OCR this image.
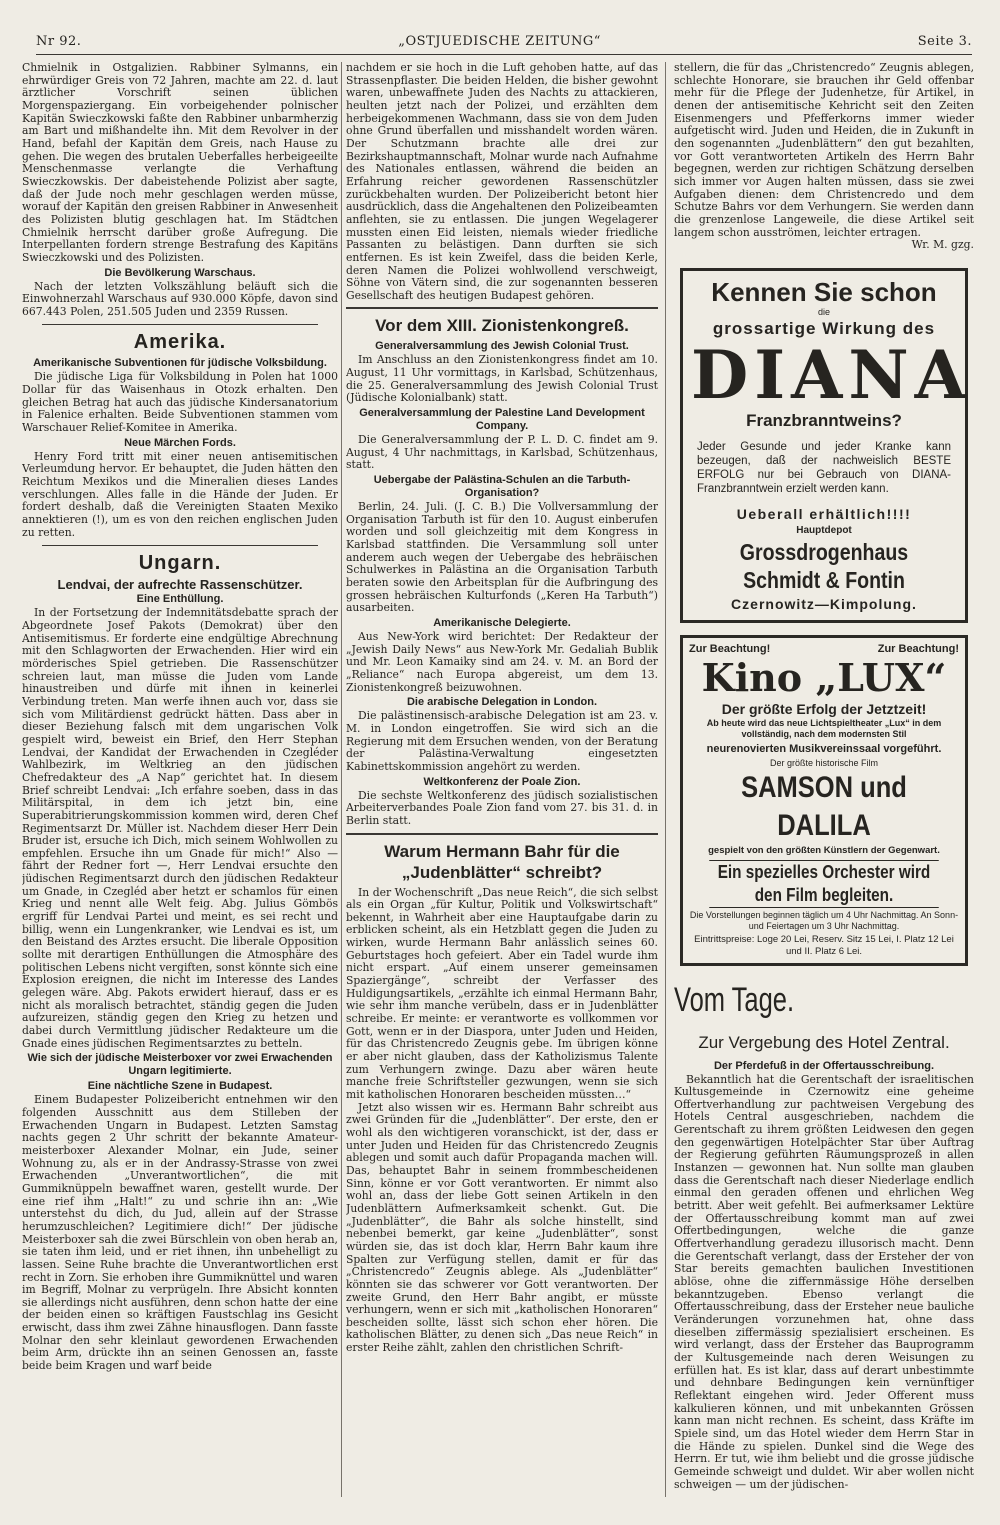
Nr 92.	„OSTJUEDISCHE ZEITUNG“	Seite 3.

Chmielnik in Ostgalizien. Rabbiner Sylmanns, ein ehrwürdiger Greis von 72 Jahren, machte am 22. d. laut ärztlicher Vorschrift seinen üblichen Morgenspaziergang. Ein vorbeigehender polnischer Kapitän Swieczkowski faßte den Rabbiner unbarmherzig am Bart und mißhandelte ihn. Mit dem Revolver in der Hand, befahl der Kapitän dem Greis, nach Hause zu gehen. Die wegen des brutalen Ueberfalles herbeigeeilte Menschenmasse verlangte die Verhaftung Swieczkowskis. Der dabeistehende Polizist aber sagte, daß der Jude noch mehr geschlagen werden müsse, worauf der Kapitän den greisen Rabbiner in Anwesenheit des Polizisten blutig geschlagen hat. Im Städtchen Chmielnik herrscht darüber große Aufregung. Die Interpellanten fordern strenge Bestrafung des Kapitäns Swieczkowski und des Polizisten.

Die Bevölkerung Warschaus.

Nach der letzten Volkszählung beläuft sich die Einwohnerzahl Warschaus auf 930.000 Köpfe, davon sind 667.443 Polen, 251.505 Juden und 2359 Russen.

Amerika.
Amerikanische Subventionen für jüdische Volksbildung.

Die jüdische Liga für Volksbildung in Polen hat 1000 Dollar für das Waisenhaus in Otozk erhalten. Den gleichen Betrag hat auch das jüdische Kindersanatorium in Falenice erhalten. Beide Subventionen stammen vom Warschauer Relief-Komitee in Amerika.

Neue Märchen Fords.

Henry Ford tritt mit einer neuen antisemitischen Verleumdung hervor. Er behauptet, die Juden hätten den Reichtum Mexikos und die Mineralien dieses Landes verschlungen. Alles falle in die Hände der Juden. Er fordert deshalb, daß die Vereinigten Staaten Mexiko annektieren (!), um es von den reichen englischen Juden zu retten.

Ungarn.
Lendvai, der aufrechte Rassenschützer.
Eine Enthüllung.

In der Fortsetzung der Indemnitätsdebatte sprach der Abgeordnete Josef Pakots (Demokrat) über den Antisemitismus. Er forderte eine endgültige Abrechnung mit den Schlagworten der Erwachenden. Hier wird ein mörderisches Spiel getrieben. Die Rassenschützer schreien laut, man müsse die Juden vom Lande hinaustreiben und dürfe mit ihnen in keinerlei Verbindung treten. Man werfe ihnen auch vor, dass sie sich vom Militärdienst gedrückt hätten. Dass aber in dieser Beziehung falsch mit dem ungarischen Volk gespielt wird, beweist ein Brief, den Herr Stephan Lendvai, der Kandidat der Erwachenden in Czegléder Wahlbezirk, im Weltkrieg an den jüdischen Chefredakteur des „A Nap“ gerichtet hat. In diesem Brief schreibt Lendvai: „Ich erfahre soeben, dass in das Militärspital, in dem ich jetzt bin, eine Superabitrierungskommission kommen wird, deren Chef Regimentsarzt Dr. Müller ist. Nachdem dieser Herr Dein Bruder ist, ersuche ich Dich, mich seinem Wohlwollen zu empfehlen. Ersuche ihn um Gnade für mich!“ Also — fährt der Redner fort —, Herr Lendvai ersuchte den jüdischen Regimentsarzt durch den jüdischen Redakteur um Gnade, in Czegléd aber hetzt er schamlos für einen Krieg und nennt alle Welt feig. Abg. Julius Gömbös ergriff für Lendvai Partei und meint, es sei recht und billig, wenn ein Lungenkranker, wie Lendvai es ist, um den Beistand des Arztes ersucht. Die liberale Opposition sollte mit derartigen Enthüllungen die Atmosphäre des politischen Lebens nicht vergiften, sonst könnte sich eine Explosion ereignen, die nicht im Interesse des Landes gelegen wäre. Abg. Pakots erwidert hierauf, dass er es nicht als moralisch betrachtet, ständig gegen die Juden aufzureizen, ständig gegen den Krieg zu hetzen und dabei durch Vermittlung jüdischer Redakteure um die Gnade eines jüdischen Regimentsarztes zu betteln.

Wie sich der jüdische Meisterboxer vor zwei Erwachenden Ungarn legitimierte.
Eine nächtliche Szene in Budapest.

Einem Budapester Polizeibericht entnehmen wir den folgenden Ausschnitt aus dem Stilleben der Erwachenden Ungarn in Budapest. Letzten Samstag nachts gegen 2 Uhr schritt der bekannte Amateur-meisterboxer Alexander Molnar, ein Jude, seiner Wohnung zu, als er in der Andrassy-Strasse von zwei Erwachenden „Unverantwortlichen“, die mit Gummiknüppeln bewaffnet waren, gestellt wurde. Der eine rief ihm „Halt!“ zu und schrie ihn an: „Wie unterstehst du dich, du Jud, allein auf der Strasse herumzuschleichen? Legitimiere dich!“ Der jüdische Meisterboxer sah die zwei Bürschlein von oben herab an, sie taten ihm leid, und er riet ihnen, ihn unbehelligt zu lassen. Seine Ruhe brachte die Unverantwortlichen erst recht in Zorn. Sie erhoben ihre Gummiknüttel und waren im Begriff, Molnar zu verprügeln. Ihre Absicht konnten sie allerdings nicht ausführen, denn schon hatte der eine der beiden einen so kräftigen Faustschlag ins Gesicht erwischt, dass ihm zwei Zähne hinausflogen. Dann fasste Molnar den sehr kleinlaut gewordenen Erwachenden beim Arm, drückte ihn an seinen Genossen an, fasste beide beim Kragen und warf beide

nachdem er sie hoch in die Luft gehoben hatte, auf das Strassenpflaster. Die beiden Helden, die bisher gewohnt waren, unbewaffnete Juden des Nachts zu attackieren, heulten jetzt nach der Polizei, und erzählten dem herbeigekommenen Wachmann, dass sie von dem Juden ohne Grund überfallen und misshandelt worden wären. Der Schutzmann brachte alle drei zur Bezirkshauptmannschaft, Molnar wurde nach Aufnahme des Nationales entlassen, während die beiden an Erfahrung reicher gewordenen Rassenschützler zurückbehalten wurden. Der Polizeibericht betont hier ausdrücklich, dass die Angehaltenen den Polizeibeamten anflehten, sie zu entlassen. Die jungen Wegelagerer mussten einen Eid leisten, niemals wieder friedliche Passanten zu belästigen. Dann durften sie sich entfernen. Es ist kein Zweifel, dass die beiden Kerle, deren Namen die Polizei wohlwollend verschweigt, Söhne von Vätern sind, die zur sogenannten besseren Gesellschaft des heutigen Budapest gehören.

Vor dem XIII. Zionistenkongreß.
Generalversammlung des Jewish Colonial Trust.

Im Anschluss an den Zionistenkongress findet am 10. August, 11 Uhr vormittags, in Karlsbad, Schützenhaus, die 25. Generalversammlung des Jewish Colonial Trust (Jüdische Kolonialbank) statt.

Generalversammlung der Palestine Land Development Company.

Die Generalversammlung der P. L. D. C. findet am 9. August, 4 Uhr nachmittags, in Karlsbad, Schützenhaus, statt.

Uebergabe der Palästina-Schulen an die Tarbuth-Organisation?

Berlin, 24. Juli. (J. C. B.) Die Vollversammlung der Organisation Tarbuth ist für den 10. August einberufen worden und soll gleichzeitig mit dem Kongress in Karlsbad stattfinden. Die Versammlung soll unter anderem auch wegen der Uebergabe des hebräischen Schulwerkes in Palästina an die Organisation Tarbuth beraten sowie den Arbeitsplan für die Aufbringung des grossen hebräischen Kulturfonds („Keren Ha Tarbuth“) ausarbeiten.

Amerikanische Delegierte.

Aus New-York wird berichtet: Der Redakteur der „Jewish Daily News“ aus New-York Mr. Gedaliah Bublik und Mr. Leon Kamaiky sind am 24. v. M. an Bord der „Reliance“ nach Europa abgereist, um dem 13. Zionistenkongreß beizuwohnen.

Die arabische Delegation in London.

Die palästinensisch-arabische Delegation ist am 23. v. M. in London eingetroffen. Sie wird sich an die Regierung mit dem Ersuchen wenden, von der Beratung der Palästina-Verwaltung eingesetzten Kabinettskommission angehört zu werden.

Weltkonferenz der Poale Zion.

Die sechste Weltkonferenz des jüdisch sozialistischen Arbeiterverbandes Poale Zion fand vom 27. bis 31. d. in Berlin statt.

Warum Hermann Bahr für die „Judenblätter“ schreibt?

In der Wochenschrift „Das neue Reich“, die sich selbst als ein Organ „für Kultur, Politik und Volkswirtschaft“ bekennt, in Wahrheit aber eine Hauptaufgabe darin zu erblicken scheint, als ein Hetzblatt gegen die Juden zu wirken, wurde Hermann Bahr anlässlich seines 60. Geburtstages hoch gefeiert. Aber ein Tadel wurde ihm nicht erspart. „Auf einem unserer gemeinsamen Spaziergänge“, schreibt der Verfasser des Huldigungsartikels, „erzählte ich einmal Hermann Bahr, wie sehr ihm manche verübeln, dass er in Judenblätter schreibe. Er meinte: er verantworte es vollkommen vor Gott, wenn er in der Diaspora, unter Juden und Heiden, für das Christencredo Zeugnis gebe. Im übrigen könne er aber nicht glauben, dass der Katholizismus Talente zum Verhungern zwinge. Dazu aber wären heute manche freie Schriftsteller gezwungen, wenn sie sich mit katholischen Honoraren bescheiden müssten…“

Jetzt also wissen wir es. Hermann Bahr schreibt aus zwei Gründen für die „Judenblätter“. Der erste, den er wohl als den wichtigeren voranschickt, ist der, dass er unter Juden und Heiden für das Christencredo Zeugnis ablegen und somit auch dafür Propaganda machen will. Das, behauptet Bahr in seinem frommbescheidenen Sinn, könne er vor Gott verantworten. Er nimmt also wohl an, dass der liebe Gott seinen Artikeln in den Judenblättern Aufmerksamkeit schenkt. Gut. Die „Judenblätter“, die Bahr als solche hinstellt, sind nebenbei bemerkt, gar keine „Judenblätter“, sonst würden sie, das ist doch klar, Herrn Bahr kaum ihre Spalten zur Verfügung stellen, damit er für das „Christencredo“ Zeugnis ablege. Als „Judenblätter“ könnten sie das schwerer vor Gott verantworten. Der zweite Grund, den Herr Bahr angibt, er müsste verhungern, wenn er sich mit „katholischen Honoraren“ bescheiden sollte, lässt sich schon eher hören. Die katholischen Blätter, zu denen sich „Das neue Reich“ in erster Reihe zählt, zahlen den christlichen Schrift-

stellern, die für das „Christencredo“ Zeugnis ablegen, schlechte Honorare, sie brauchen ihr Geld offenbar mehr für die Pflege der Judenhetze, für Artikel, in denen der antisemitische Kehricht seit den Zeiten Eisenmengers und Pfefferkorns immer wieder aufgetischt wird. Juden und Heiden, die in Zukunft in den sogenannten „Judenblättern“ den gut bezahlten, vor Gott verantworteten Artikeln des Herrn Bahr begegnen, werden zur richtigen Schätzung derselben sich immer vor Augen halten müssen, dass sie zwei Aufgaben dienen: dem Christencredo und dem Schutze Bahrs vor dem Verhungern. Sie werden dann die grenzenlose Langeweile, die diese Artikel seit langem schon ausströmen, leichter ertragen.

Wr. M. gzg.
Kennen Sie schon
die
grossartige Wirkung des
DIANA
Franzbranntweins?
Jeder Gesunde und jeder Kranke kann bezeugen, daß der nachweislich BESTE ERFOLG nur bei Gebrauch von DIANA-Franzbranntwein erzielt werden kann.
Ueberall erhältlich!!!!
Hauptdepot
Grossdrogenhaus Schmidt & Fontin
Czernowitz—Kimpolung.
Zur Beachtung!	Zur Beachtung!
Kino „LUX“
Der größte Erfolg der Jetztzeit!
Ab heute wird das neue Lichtspieltheater „Lux“ in dem vollständig, nach dem modernsten Stil
neurenovierten Musikvereinssaal vorgeführt.
Der größte historische Film
SAMSON und DALILA
gespielt von den größten Künstlern der Gegenwart.
Ein spezielles Orchester wird den Film begleiten.
Die Vorstellungen beginnen täglich um 4 Uhr Nachmittag. An Sonn- und Feiertagen um 3 Uhr Nachmittag.
Eintrittspreise: Loge 20 Lei, Reserv. Sitz 15 Lei, I. Platz 12 Lei und II. Platz 6 Lei.
Vom Tage.
Zur Vergebung des Hotel Zentral.
Der Pferdefuß in der Offertausschreibung.

Bekanntlich hat die Gerentschaft der israelitischen Kultusgemeinde in Czernowitz eine geheime Offertverhandlung zur pachtweisen Vergebung des Hotels Central ausgeschrieben, nachdem die Gerentschaft zu ihrem größten Leidwesen den gegen den gegenwärtigen Hotelpächter Star über Auftrag der Regierung geführten Räumungsprozeß in allen Instanzen — gewonnen hat. Nun sollte man glauben dass die Gerentschaft nach dieser Niederlage endlich einmal den geraden offenen und ehrlichen Weg betritt. Aber weit gefehlt. Bei aufmerksamer Lektüre der Offertausschreibung kommt man auf zwei Offertbedingungen, welche die ganze Offertverhandlung geradezu illusorisch macht. Denn die Gerentschaft verlangt, dass der Ersteher der von Star bereits gemachten baulichen Investitionen ablöse, ohne die ziffernmässige Höhe derselben bekanntzugeben. Ebenso verlangt die Offertausschreibung, dass der Ersteher neue bauliche Veränderungen vorzunehmen hat, ohne dass dieselben ziffermässig spezialisiert erscheinen. Es wird verlangt, dass der Ersteher das Bauprogramm der Kultusgemeinde nach deren Weisungen zu erfüllen hat. Es ist klar, dass auf derart unbestimmte und dehnbare Bedingungen kein vernünftiger Reflektant eingehen wird. Jeder Offerent muss kalkulieren können, und mit unbekannten Grössen kann man nicht rechnen. Es scheint, dass Kräfte im Spiele sind, um das Hotel wieder dem Herrn Star in die Hände zu spielen. Dunkel sind die Wege des Herrn. Er tut, wie ihm beliebt und die grosse jüdische Gemeinde schweigt und duldet. Wir aber wollen nicht schweigen — um der jüdischen-
